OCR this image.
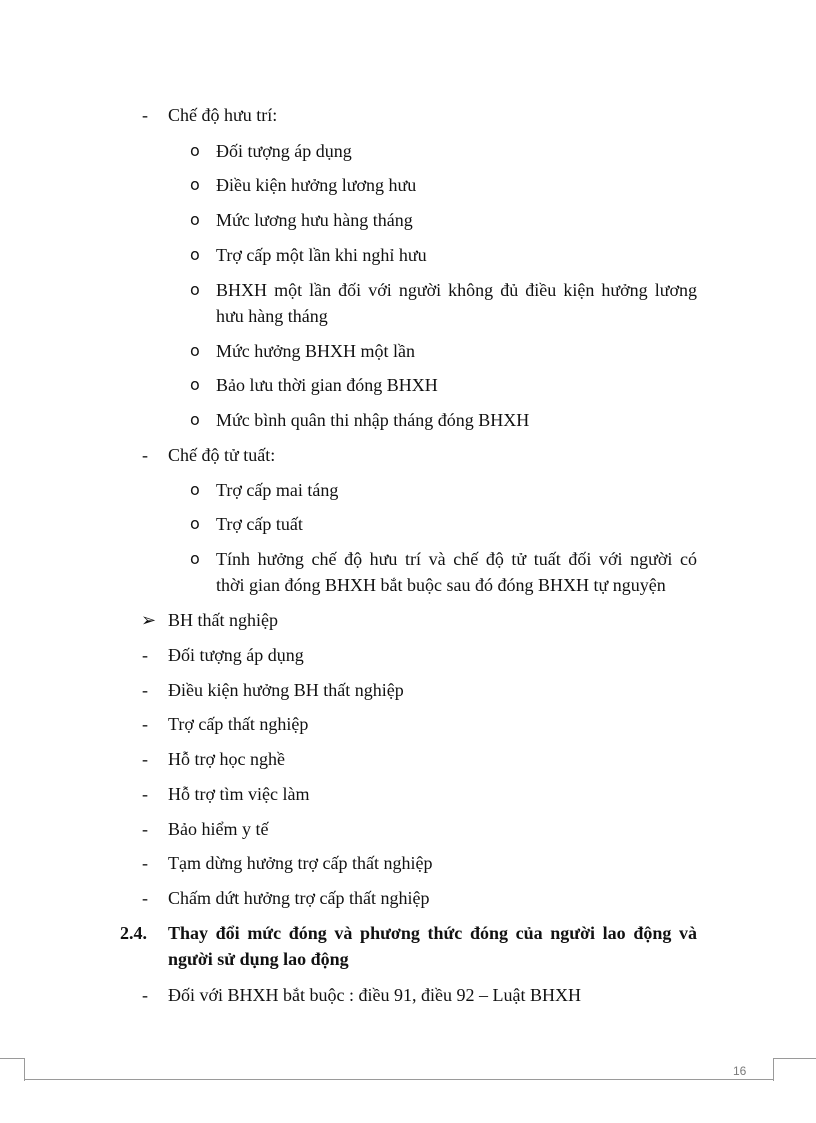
- Chế độ hưu trí:
o Đối tượng áp dụng
o Điều kiện hưởng lương hưu
o Mức lương hưu hàng tháng
o Trợ cấp một lần khi nghỉ hưu
o BHXH một lần đối với người không đủ điều kiện hưởng lương
hưu hàng tháng
o Mức hưởng BHXH một lần
o Bảo lưu thời gian đóng BHXH
o Mức bình quân thi nhập tháng đóng BHXH
- Chế độ tử tuất:
o Trợ cấp mai táng
o Trợ cấp tuất
o Tính hưởng chế độ hưu trí và chế độ tử tuất đối với người có
thời gian đóng BHXH bắt buộc sau đó đóng BHXH tự nguyện
➢ BH thất nghiệp
- Đối tượng áp dụng
- Điều kiện hưởng BH thất nghiệp
- Trợ cấp thất nghiệp
- Hỗ trợ học nghề
- Hỗ trợ tìm việc làm
- Bảo hiểm y tế
- Tạm dừng hưởng trợ cấp thất nghiệp
- Chấm dứt hưởng trợ cấp thất nghiệp
2.4. Thay đổi mức đóng và phương thức đóng của người lao động và
người sử dụng lao động
- Đối với BHXH bắt buộc : điều 91, điều 92 – Luật BHXH
16
